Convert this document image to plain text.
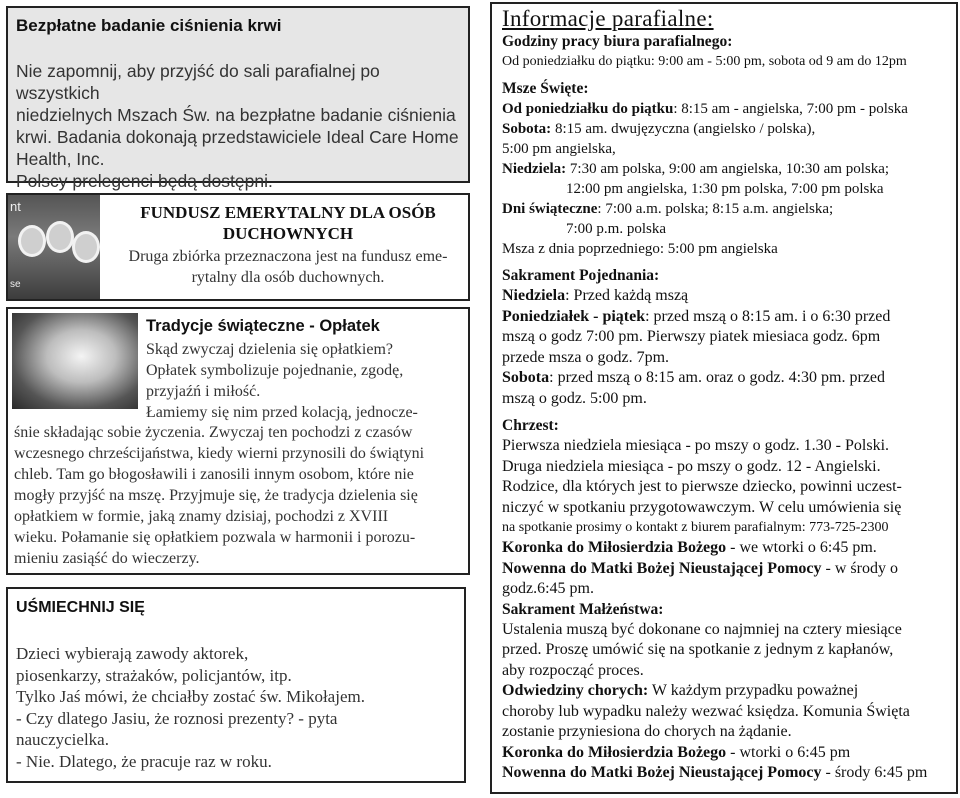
Bezpłatne badanie ciśnienia krwi

Nie zapomnij, aby przyjść do sali parafialnej po wszystkich

niedzielnych Mszach Św. na bezpłatne badanie ciśnienia

krwi. Badania dokonają przedstawiciele Ideal Care Home

Health, Inc.

Polscy prelegenci będą dostępni.

nt
se
FUNDUSZ EMERYTALNY DLA OSÓB
DUCHOWNYCH
Druga zbiórka przeznaczona jest na fundusz eme-
rytalny dla osób duchownych.
Tradycje świąteczne - Opłatek
Skąd zwyczaj dzielenia się opłatkiem?
Opłatek symbolizuje pojednanie, zgodę,
przyjaźń i miłość.
Łamiemy się nim przed kolacją, jednocze-
śnie składając sobie życzenia. Zwyczaj ten pochodzi z czasów
wczesnego chrześcijaństwa, kiedy wierni przynosili do świątyni
chleb. Tam go błogosławili i zanosili innym osobom, które nie
mogły przyjść na mszę. Przyjmuje się, że tradycja dzielenia się
opłatkiem w formie, jaką znamy dzisiaj, pochodzi z XVIII
wieku. Połamanie się opłatkiem pozwala w harmonii i porozu-
mieniu zasiąść do wieczerzy.
UŚMIECHNIJ SIĘ
Dzieci wybierają zawody aktorek,
piosenkarzy, strażaków, policjantów, itp.
Tylko Jaś mówi, że chciałby zostać św. Mikołajem.
- Czy dlatego Jasiu, że roznosi prezenty? - pyta
nauczycielka.
- Nie. Dlatego, że pracuje raz w roku.
Informacje parafialne:
Godziny pracy biura parafialnego:
Od poniedziałku do piątku: 9:00 am - 5:00 pm, sobota od 9 am do 12pm
Msze Święte:
Od poniedziałku do piątku: 8:15 am - angielska, 7:00 pm - polska
Sobota: 8:15 am. dwujęzyczna (angielsko / polska),
5:00 pm angielska,
Niedziela: 7:30 am polska, 9:00 am angielska, 10:30 am polska;
12:00 pm angielska, 1:30 pm polska, 7:00 pm polska
Dni świąteczne: 7:00 a.m. polska; 8:15 a.m. angielska;
7:00 p.m. polska
Msza z dnia poprzedniego: 5:00 pm angielska
Sakrament Pojednania:
Niedziela: Przed każdą mszą
Poniedziałek - piątek: przed mszą o 8:15 am. i o 6:30 przed
mszą o godz 7:00 pm. Pierwszy piatek miesiaca godz. 6pm
przede msza o godz. 7pm.
Sobota: przed mszą o 8:15 am. oraz o godz. 4:30 pm. przed
mszą o godz. 5:00 pm.
Chrzest:
Pierwsza niedziela miesiąca - po mszy o godz. 1.30 - Polski.
Druga niedziela miesiąca - po mszy o godz. 12 - Angielski.
Rodzice, dla których jest to pierwsze dziecko, powinni uczest-
niczyć w spotkaniu przygotowawczym. W celu umówienia się
na spotkanie prosimy o kontakt z biurem parafialnym: 773-725-2300
Koronka do Miłosierdzia Bożego - we wtorki o 6:45 pm.
Nowenna do Matki Bożej Nieustającej Pomocy - w środy o
godz.6:45 pm.
Sakrament Małżeństwa:
Ustalenia muszą być dokonane co najmniej na cztery miesiące
przed. Proszę umówić się na spotkanie z jednym z kapłanów,
aby rozpocząć proces.
Odwiedziny chorych: W każdym przypadku poważnej
choroby lub wypadku należy wezwać księdza. Komunia Święta
zostanie przyniesiona do chorych na żądanie.
Koronka do Miłosierdzia Bożego - wtorki o 6:45 pm
Nowenna do Matki Bożej Nieustającej Pomocy - środy 6:45 pm
